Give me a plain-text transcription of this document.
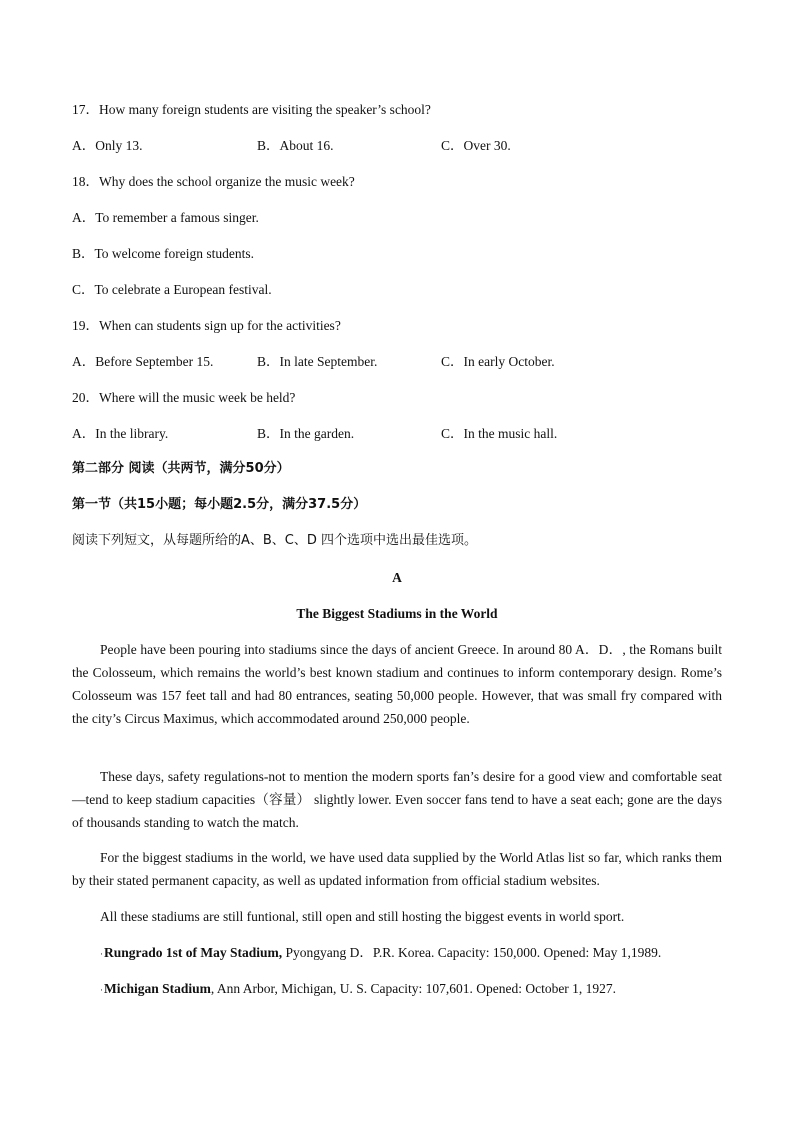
17．How many foreign students are visiting the speaker’s school?
A．Only 13.	B．About 16.	C．Over 30.
18．Why does the school organize the music week?
A．To remember a famous singer.
B．To welcome foreign students.
C．To celebrate a European festival.
19．When can students sign up for the activities?
A．Before September 15.	B．In late September.	C．In early October.
20．Where will the music week be held?
A．In the library.	B．In the garden.	C．In the music hall.
第二部分 阅读（共两节，满分50分）
第一节（共15小题；每小题2.5分，满分37.5分）
阅读下列短文，从每题所给的A、B、C、D 四个选项中选出最佳选项。
A
The Biggest Stadiums in the World
People have been pouring into stadiums since the days of ancient Greece. In around 80 A．D．, the Romans built the Colosseum, which remains the world’s best known stadium and continues to inform contemporary design. Rome’s Colosseum was 157 feet tall and had 80 entrances, seating 50,000 people. However, that was small fry compared with the city’s Circus Maximus, which accommodated around 250,000 people.
These days, safety regulations-not to mention the modern sports fan’s desire for a good view and comfortable seat—tend to keep stadium capacities（容量） slightly lower. Even soccer fans tend to have a seat each; gone are the days of thousands standing to watch the match.
For the biggest stadiums in the world, we have used data supplied by the World Atlas list so far, which ranks them by their stated permanent capacity, as well as updated information from official stadium websites.
All these stadiums are still funtional, still open and still hosting the biggest events in world sport.
·Rungrado 1st of May Stadium, Pyongyang D．P.R. Korea. Capacity: 150,000. Opened: May 1,1989.
·Michigan Stadium, Ann Arbor, Michigan, U. S. Capacity: 107,601. Opened: October 1, 1927.
